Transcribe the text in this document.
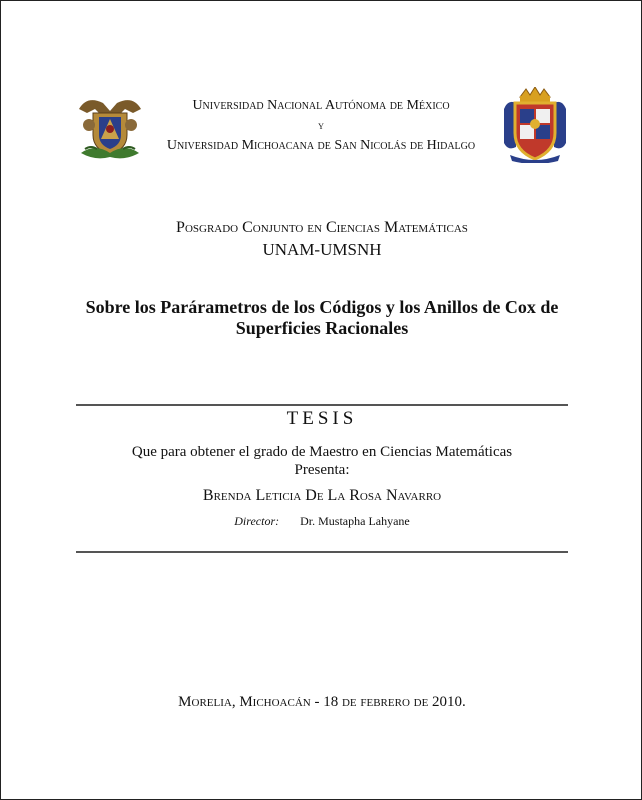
Universidad Nacional Autónoma de México
y
Universidad Michoacana de San Nicolás de Hidalgo
Posgrado Conjunto en Ciencias Matemáticas
UNAM-UMSNH
Sobre los Parárametros de los Códigos y los Anillos de Cox de
Superficies Racionales
TESIS
Que para obtener el grado de Maestro en Ciencias Matemáticas
Presenta:
Brenda Leticia De La Rosa Navarro
Director: Dr. Mustapha Lahyane
Morelia, Michoacán - 18 de febrero de 2010.
